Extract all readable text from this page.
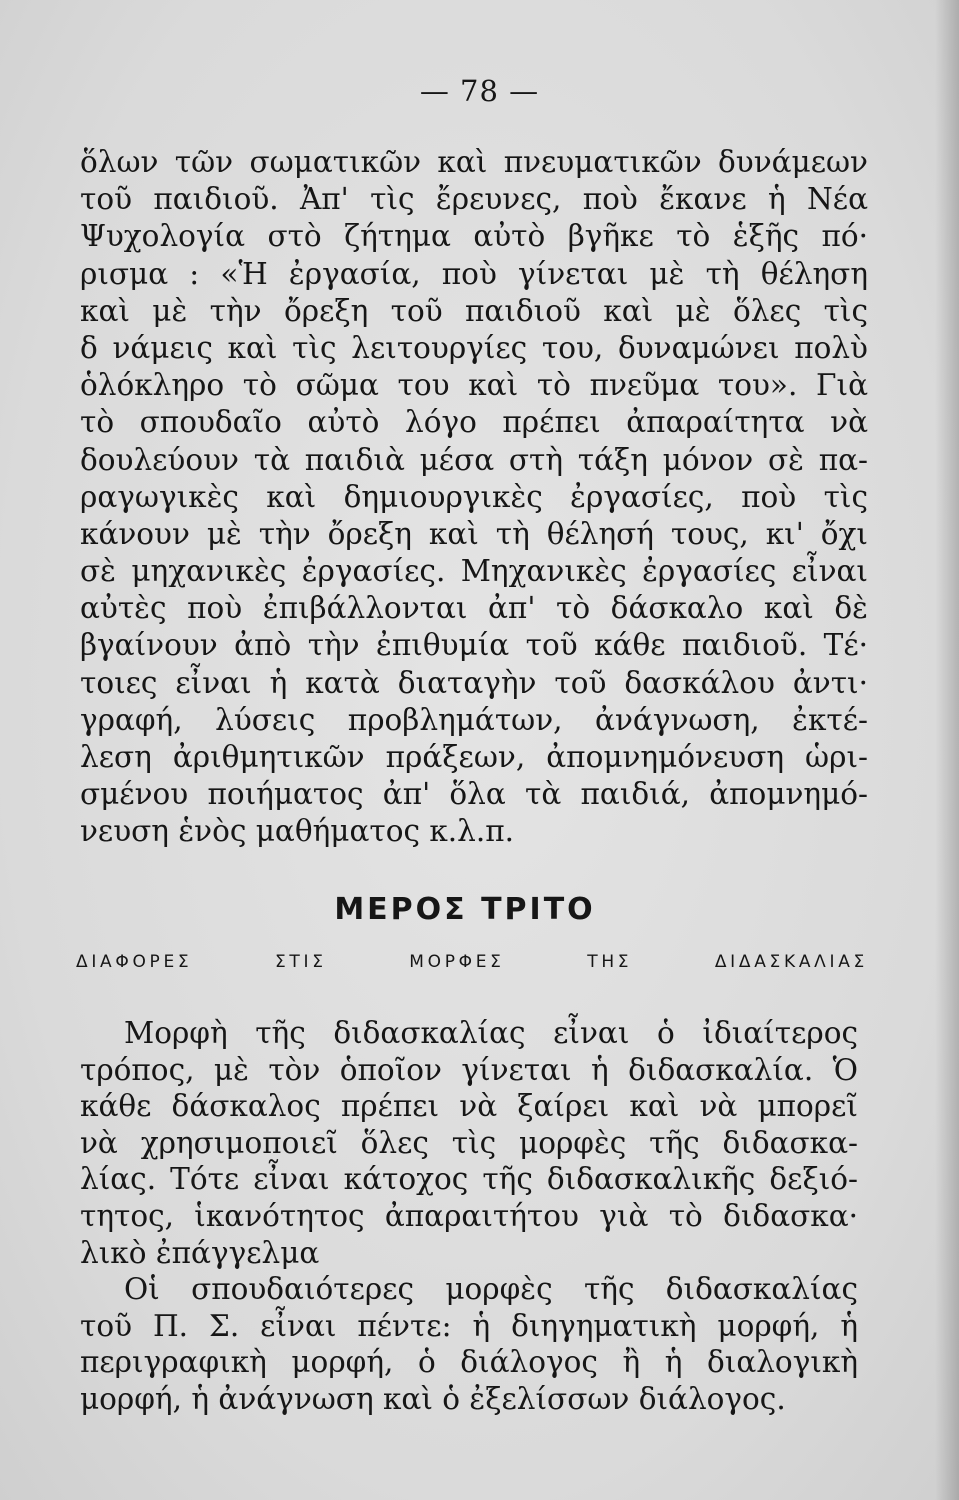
— 78 —
ὅλων τῶν σωματικῶν καὶ πνευματικῶν δυνάμεων
τοῦ παιδιοῦ. Ἀπ' τὶς ἔρευνες, ποὺ ἔκανε ἡ Νέα
Ψυχολογία στὸ ζήτημα αὐτὸ βγῆκε τὸ ἑξῆς πό·
ρισμα : «Ἡ ἐργασία, ποὺ γίνεται μὲ τὴ θέληση
καὶ μὲ τὴν ὄρεξη τοῦ παιδιοῦ καὶ μὲ ὅλες τὶς
δ νάμεις καὶ τὶς λειτουργίες του, δυναμώνει πολὺ
ὁλόκληρο τὸ σῶμα του καὶ τὸ πνεῦμα του». Γιὰ
τὸ σπουδαῖο αὐτὸ λόγο πρέπει ἀπαραίτητα νὰ
δουλεύουν τὰ παιδιὰ μέσα στὴ τάξη μόνον σὲ πα-
ραγωγικὲς καὶ δημιουργικὲς ἐργασίες, ποὺ τὶς
κάνουν μὲ τὴν ὄρεξη καὶ τὴ θέλησή τους, κι' ὄχι
σὲ μηχανικὲς ἐργασίες. Μηχανικὲς ἐργασίες εἶναι
αὐτὲς ποὺ ἐπιβάλλονται ἀπ' τὸ δάσκαλο καὶ δὲ
βγαίνουν ἀπὸ τὴν ἐπιθυμία τοῦ κάθε παιδιοῦ. Τέ·
τοιες εἶναι ἡ κατὰ διαταγὴν τοῦ δασκάλου ἀντι·
γραφή, λύσεις προβλημάτων, ἀνάγνωση, ἐκτέ-
λεση ἀριθμητικῶν πράξεων, ἀπομνημόνευση ὡρι-
σμένου ποιήματος ἀπ' ὅλα τὰ παιδιά, ἀπομνημό-
νευση ἑνὸς μαθήματος κ.λ.π.
ΜΕΡΟΣ ΤΡΙΤΟ
ΔΙΑΦΟΡΕΣ ΣΤΙΣ ΜΟΡΦΕΣ ΤΗΣ ΔΙΔΑΣΚΑΛΙΑΣ
Μορφὴ τῆς διδασκαλίας εἶναι ὁ ἰδιαίτερος
τρόπος, μὲ τὸν ὁποῖον γίνεται ἡ διδασκαλία. Ὁ
κάθε δάσκαλος πρέπει νὰ ξαίρει καὶ νὰ μπορεῖ
νὰ χρησιμοποιεῖ ὅλες τὶς μορφὲς τῆς διδασκα-
λίας. Τότε εἶναι κάτοχος τῆς διδασκαλικῆς δεξιό-
τητος, ἱκανότητος ἀπαραιτήτου γιὰ τὸ διδασκα·
λικὸ ἐπάγγελμα
Οἱ σπουδαιότερες μορφὲς τῆς διδασκαλίας
τοῦ Π. Σ. εἶναι πέντε: ἡ διηγηματικὴ μορφή, ἡ
περιγραφικὴ μορφή, ὁ διάλογος ἢ ἡ διαλογικὴ
μορφή, ἡ ἀνάγνωση καὶ ὁ ἐξελίσσων διάλογος.
